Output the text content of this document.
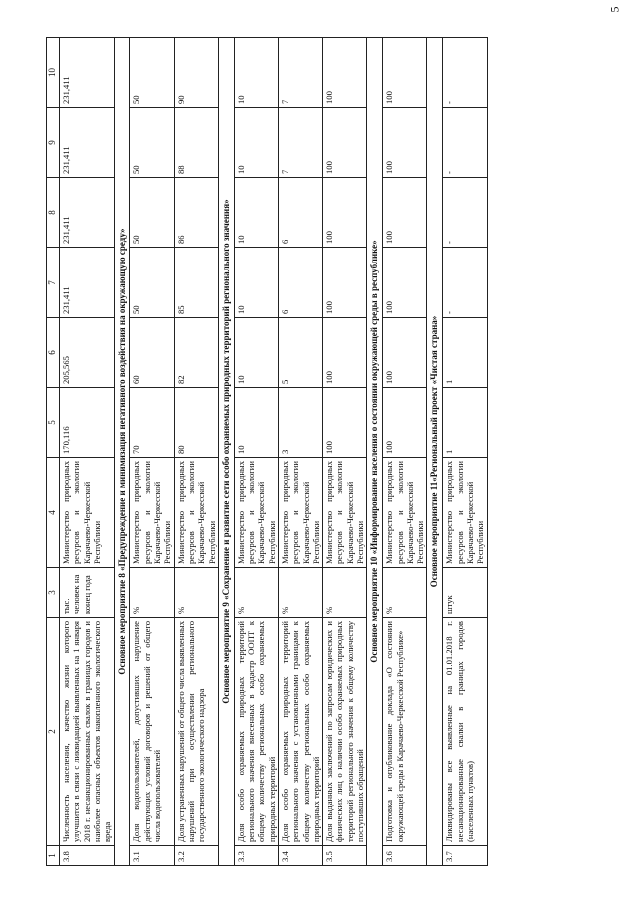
5
1	2	3	4	5	6	7	8	9	10
3.8	Численность населения, качество жизни которого улучшится в связи с ликвидацией выявленных на 1 января 2018 г. несанкционированных свалок в границах городов и наиболее опасных объектов накопленного экологического вреда	тыс. человек на конец года	Министерство природных ресурсов и экологии Карачаево-Черкесской Республики	170,116	205,565	231,411	231,411	231,411	231,411
Основное мероприятие 8 «Предупреждение и минимизация негативного воздействия на окружающую среду»									
3.1	Доля водопользователей, допустивших нарушение действующих условий договоров и решений от общего числа водопользователей	%	Министерство природных ресурсов и экологии Карачаево-Черкесской Республики	70	60	50	50	50	50
3.2	Доля устраненных нарушений от общего числа выявленных нарушений при осуществлении регионального государственного экологического надзора	%	Министерство природных ресурсов и экологии Карачаево-Черкесской Республики	80	82	85	86	88	90
Основное мероприятие 9 «Сохранение и развитие сети особо охраняемых природных территорий регионального значения»									
3.3	Доля особо охраняемых природных территорий регионального значения внесенных в кадастр ООПТ к общему количеству региональных особо охраняемых природных территорий	%	Министерство природных ресурсов и экологии Карачаево-Черкесской Республики	10	10	10	10	10	10
3.4	Доля особо охраняемых природных территорий регионального значения с установленными границами к общему количеству региональных особо охраняемых природных территорий	%	Министерство природных ресурсов и экологии Карачаево-Черкесской Республики	3	5	6	6	7	7
3.5	Доля выданных заключений по запросам юридических и физических лиц о наличии особо охраняемых природных территорий регионального значения к общему количеству поступивших обращений	%	Министерство природных ресурсов и экологии Карачаево-Черкесской Республики	100	100	100	100	100	100
Основное мероприятие 10 «Информирование населения о состоянии окружающей среды в республике»									
3.6	Подготовка и опубликование доклада «О состоянии окружающей среды в Карачаево-Черкесской Республике»	%	Министерство природных ресурсов и экологии Карачаево-Черкесской Республики	100	100	100	100	100	100
Основное мероприятие 11«Региональный проект «Чистая страна»									
3.7	Ликвидированы все выявленные на 01.01.2018 г. несанкционированные свалки в границах городов (населенных пунктов)	штук	Министерство природных ресурсов и экологии Карачаево-Черкесской Республики	1	1	-	-	-	-
